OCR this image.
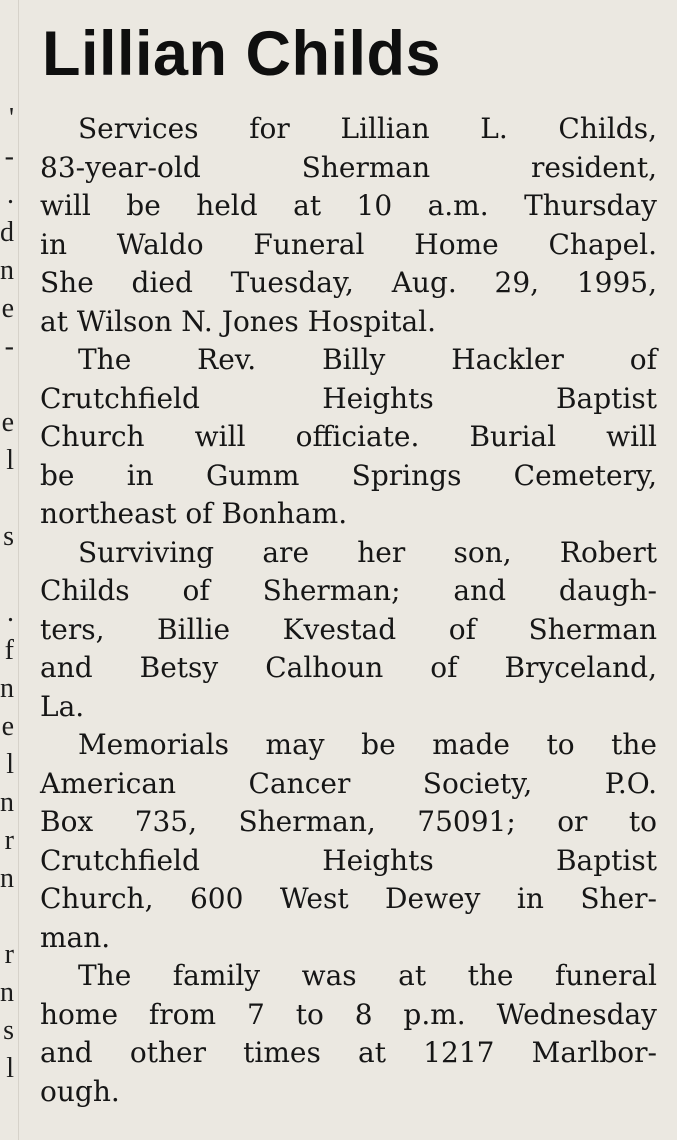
'
-
.
d
n
e
-
e
l
s
.
f
n
e
l
n
r
n
r
n
s
l
Lillian Childs
Services for Lillian L. Childs,
83-year-old Sherman resident,
will be held at 10 a.m. Thursday
in Waldo Funeral Home Chapel.
She died Tuesday, Aug. 29, 1995,
at Wilson N. Jones Hospital.
The Rev. Billy Hackler of
Crutchfield Heights Baptist
Church will officiate. Burial will
be in Gumm Springs Cemetery,
northeast of Bonham.
Surviving are her son, Robert
Childs of Sherman; and daugh-
ters, Billie Kvestad of Sherman
and Betsy Calhoun of Bryceland,
La.
Memorials may be made to the
American Cancer Society, P.O.
Box 735, Sherman, 75091; or to
Crutchfield Heights Baptist
Church, 600 West Dewey in Sher-
man.
The family was at the funeral
home from 7 to 8 p.m. Wednesday
and other times at 1217 Marlbor-
ough.
